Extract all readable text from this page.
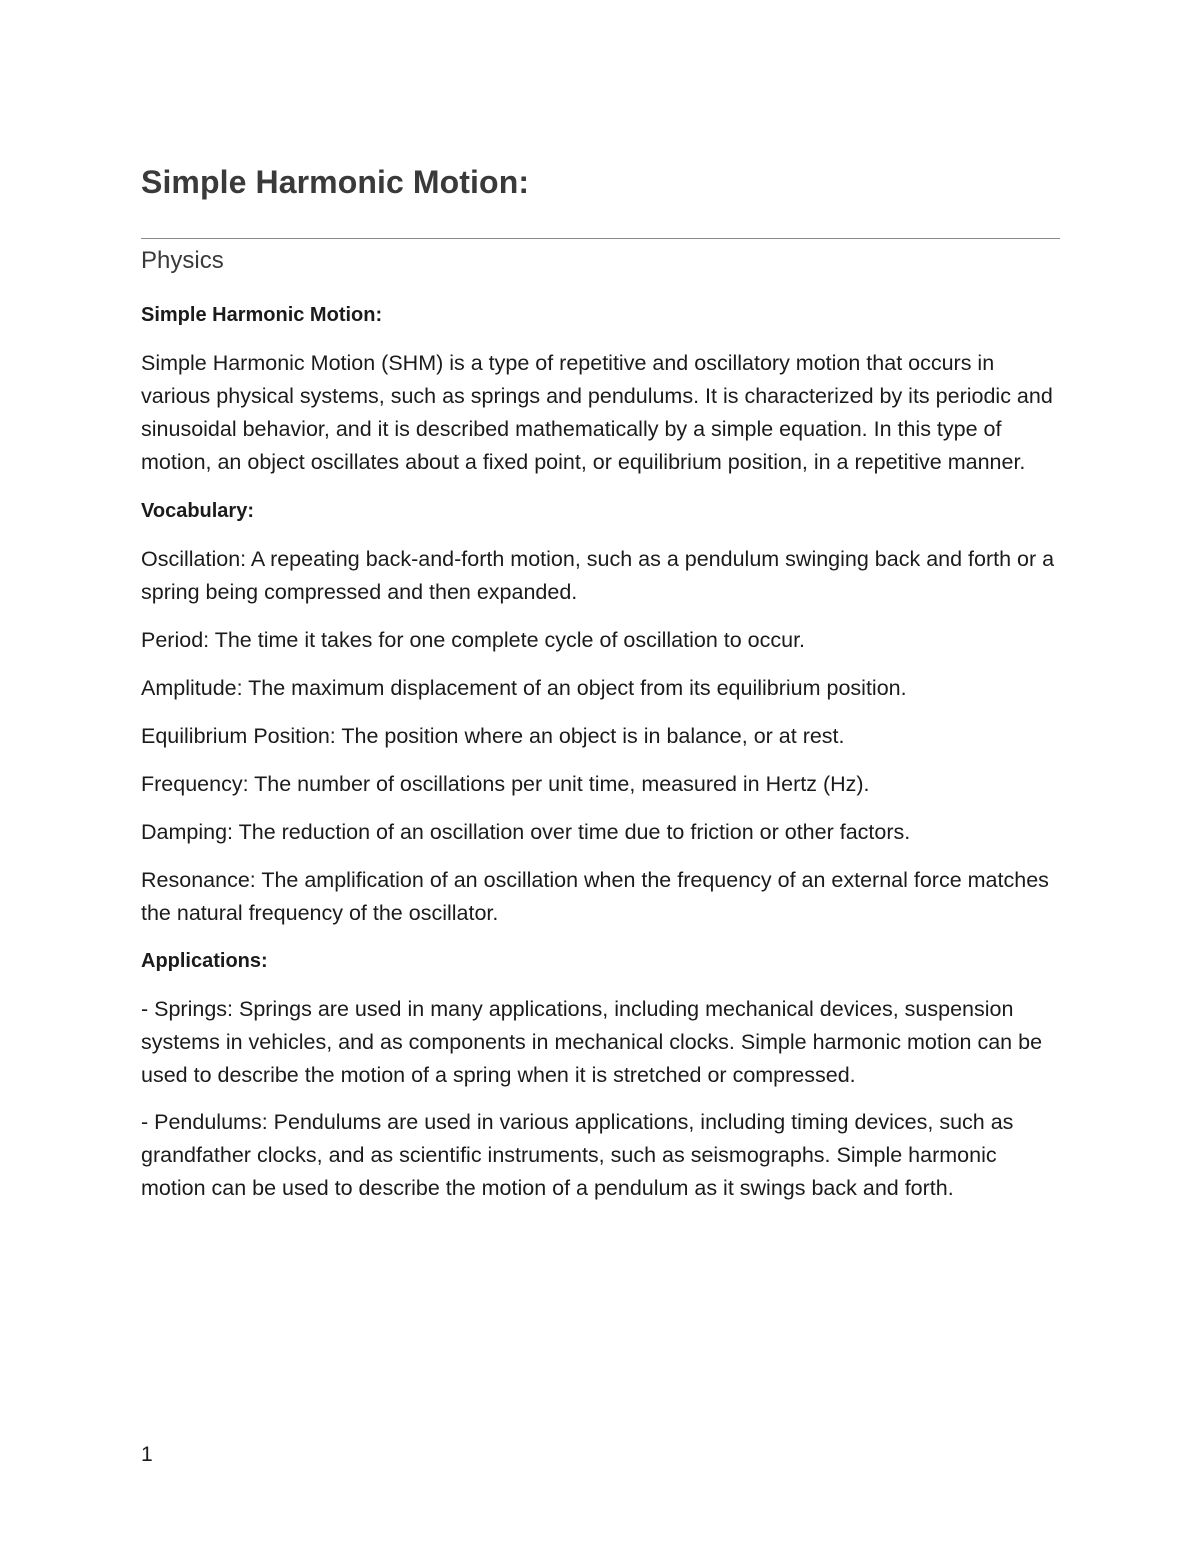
Simple Harmonic Motion:
Physics
Simple Harmonic Motion:

Simple Harmonic Motion (SHM) is a type of repetitive and oscillatory motion that occurs in various physical systems, such as springs and pendulums. It is characterized by its periodic and sinusoidal behavior, and it is described mathematically by a simple equation. In this type of motion, an object oscillates about a fixed point, or equilibrium position, in a repetitive manner.

Vocabulary:
Oscillation: A repeating back-and-forth motion, such as a pendulum swinging back and forth or a spring being compressed and then expanded.
Period: The time it takes for one complete cycle of oscillation to occur.
Amplitude: The maximum displacement of an object from its equilibrium position.
Equilibrium Position: The position where an object is in balance, or at rest.
Frequency: The number of oscillations per unit time, measured in Hertz (Hz).
Damping: The reduction of an oscillation over time due to friction or other factors.
Resonance: The amplification of an oscillation when the frequency of an external force matches the natural frequency of the oscillator.
Applications:
- Springs: Springs are used in many applications, including mechanical devices, suspension systems in vehicles, and as components in mechanical clocks. Simple harmonic motion can be used to describe the motion of a spring when it is stretched or compressed.
- Pendulums: Pendulums are used in various applications, including timing devices, such as grandfather clocks, and as scientific instruments, such as seismographs. Simple harmonic motion can be used to describe the motion of a pendulum as it swings back and forth.
1
